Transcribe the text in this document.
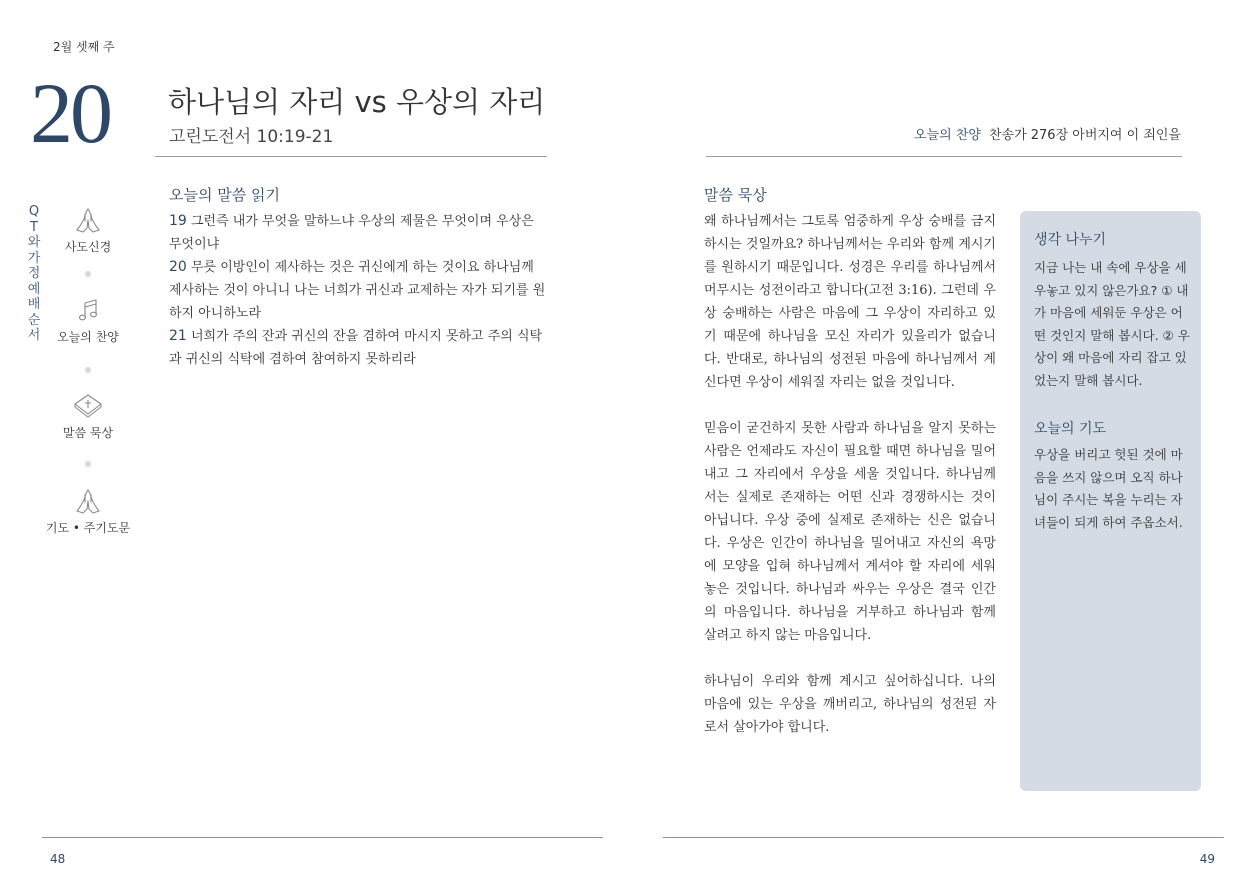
2월 셋째 주
20 하나님의 자리 vs 우상의 자리
고린도전서 10:19-21
Q
T
와
가
정
예
배
순
서
사도신경
오늘의 찬양
말씀 묵상
기도 • 주기도문
오늘의 말씀 읽기
19 그런즉 내가 무엇을 말하느냐 우상의 제물은 무엇이며 우상은 무엇이냐
20 무릇 이방인이 제사하는 것은 귀신에게 하는 것이요 하나님께 제사하는 것이 아니니 나는 너희가 귀신과 교제하는 자가 되기를 원하지 아니하노라
21 너희가 주의 잔과 귀신의 잔을 겸하여 마시지 못하고 주의 식탁과 귀신의 식탁에 겸하여 참여하지 못하리라
48
오늘의 찬양 찬송가 276장 아버지여 이 죄인을
말씀 묵상

왜 하나님께서는 그토록 엄중하게 우상 숭배를 금지하시는 것일까요? 하나님께서는 우리와 함께 계시기를 원하시기 때문입니다. 성경은 우리를 하나님께서 머무시는 성전이라고 합니다(고전 3:16). 그런데 우상 숭배하는 사람은 마음에 그 우상이 자리하고 있기 때문에 하나님을 모신 자리가 있을리가 없습니다. 반대로, 하나님의 성전된 마음에 하나님께서 계신다면 우상이 세워질 자리는 없을 것입니다.

믿음이 굳건하지 못한 사람과 하나님을 알지 못하는 사람은 언제라도 자신이 필요할 때면 하나님을 밀어내고 그 자리에서 우상을 세울 것입니다. 하나님께서는 실제로 존재하는 어떤 신과 경쟁하시는 것이 아닙니다. 우상 중에 실제로 존재하는 신은 없습니다. 우상은 인간이 하나님을 밀어내고 자신의 욕망에 모양을 입혀 하나님께서 계셔야 할 자리에 세워 놓은 것입니다. 하나님과 싸우는 우상은 결국 인간의 마음입니다. 하나님을 거부하고 하나님과 함께 살려고 하지 않는 마음입니다.

하나님이 우리와 함께 계시고 싶어하십니다. 나의 마음에 있는 우상을 깨버리고, 하나님의 성전된 자로서 살아가야 합니다.

생각 나누기
지금 나는 내 속에 우상을 세우놓고 있지 않은가요? ① 내가 마음에 세워둔 우상은 어떤 것인지 말해 봅시다. ② 우상이 왜 마음에 자리 잡고 있었는지 말해 봅시다.
오늘의 기도
우상을 버리고 헛된 것에 마음을 쓰지 않으며 오직 하나님이 주시는 복을 누리는 자녀들이 되게 하여 주옵소서.
49
